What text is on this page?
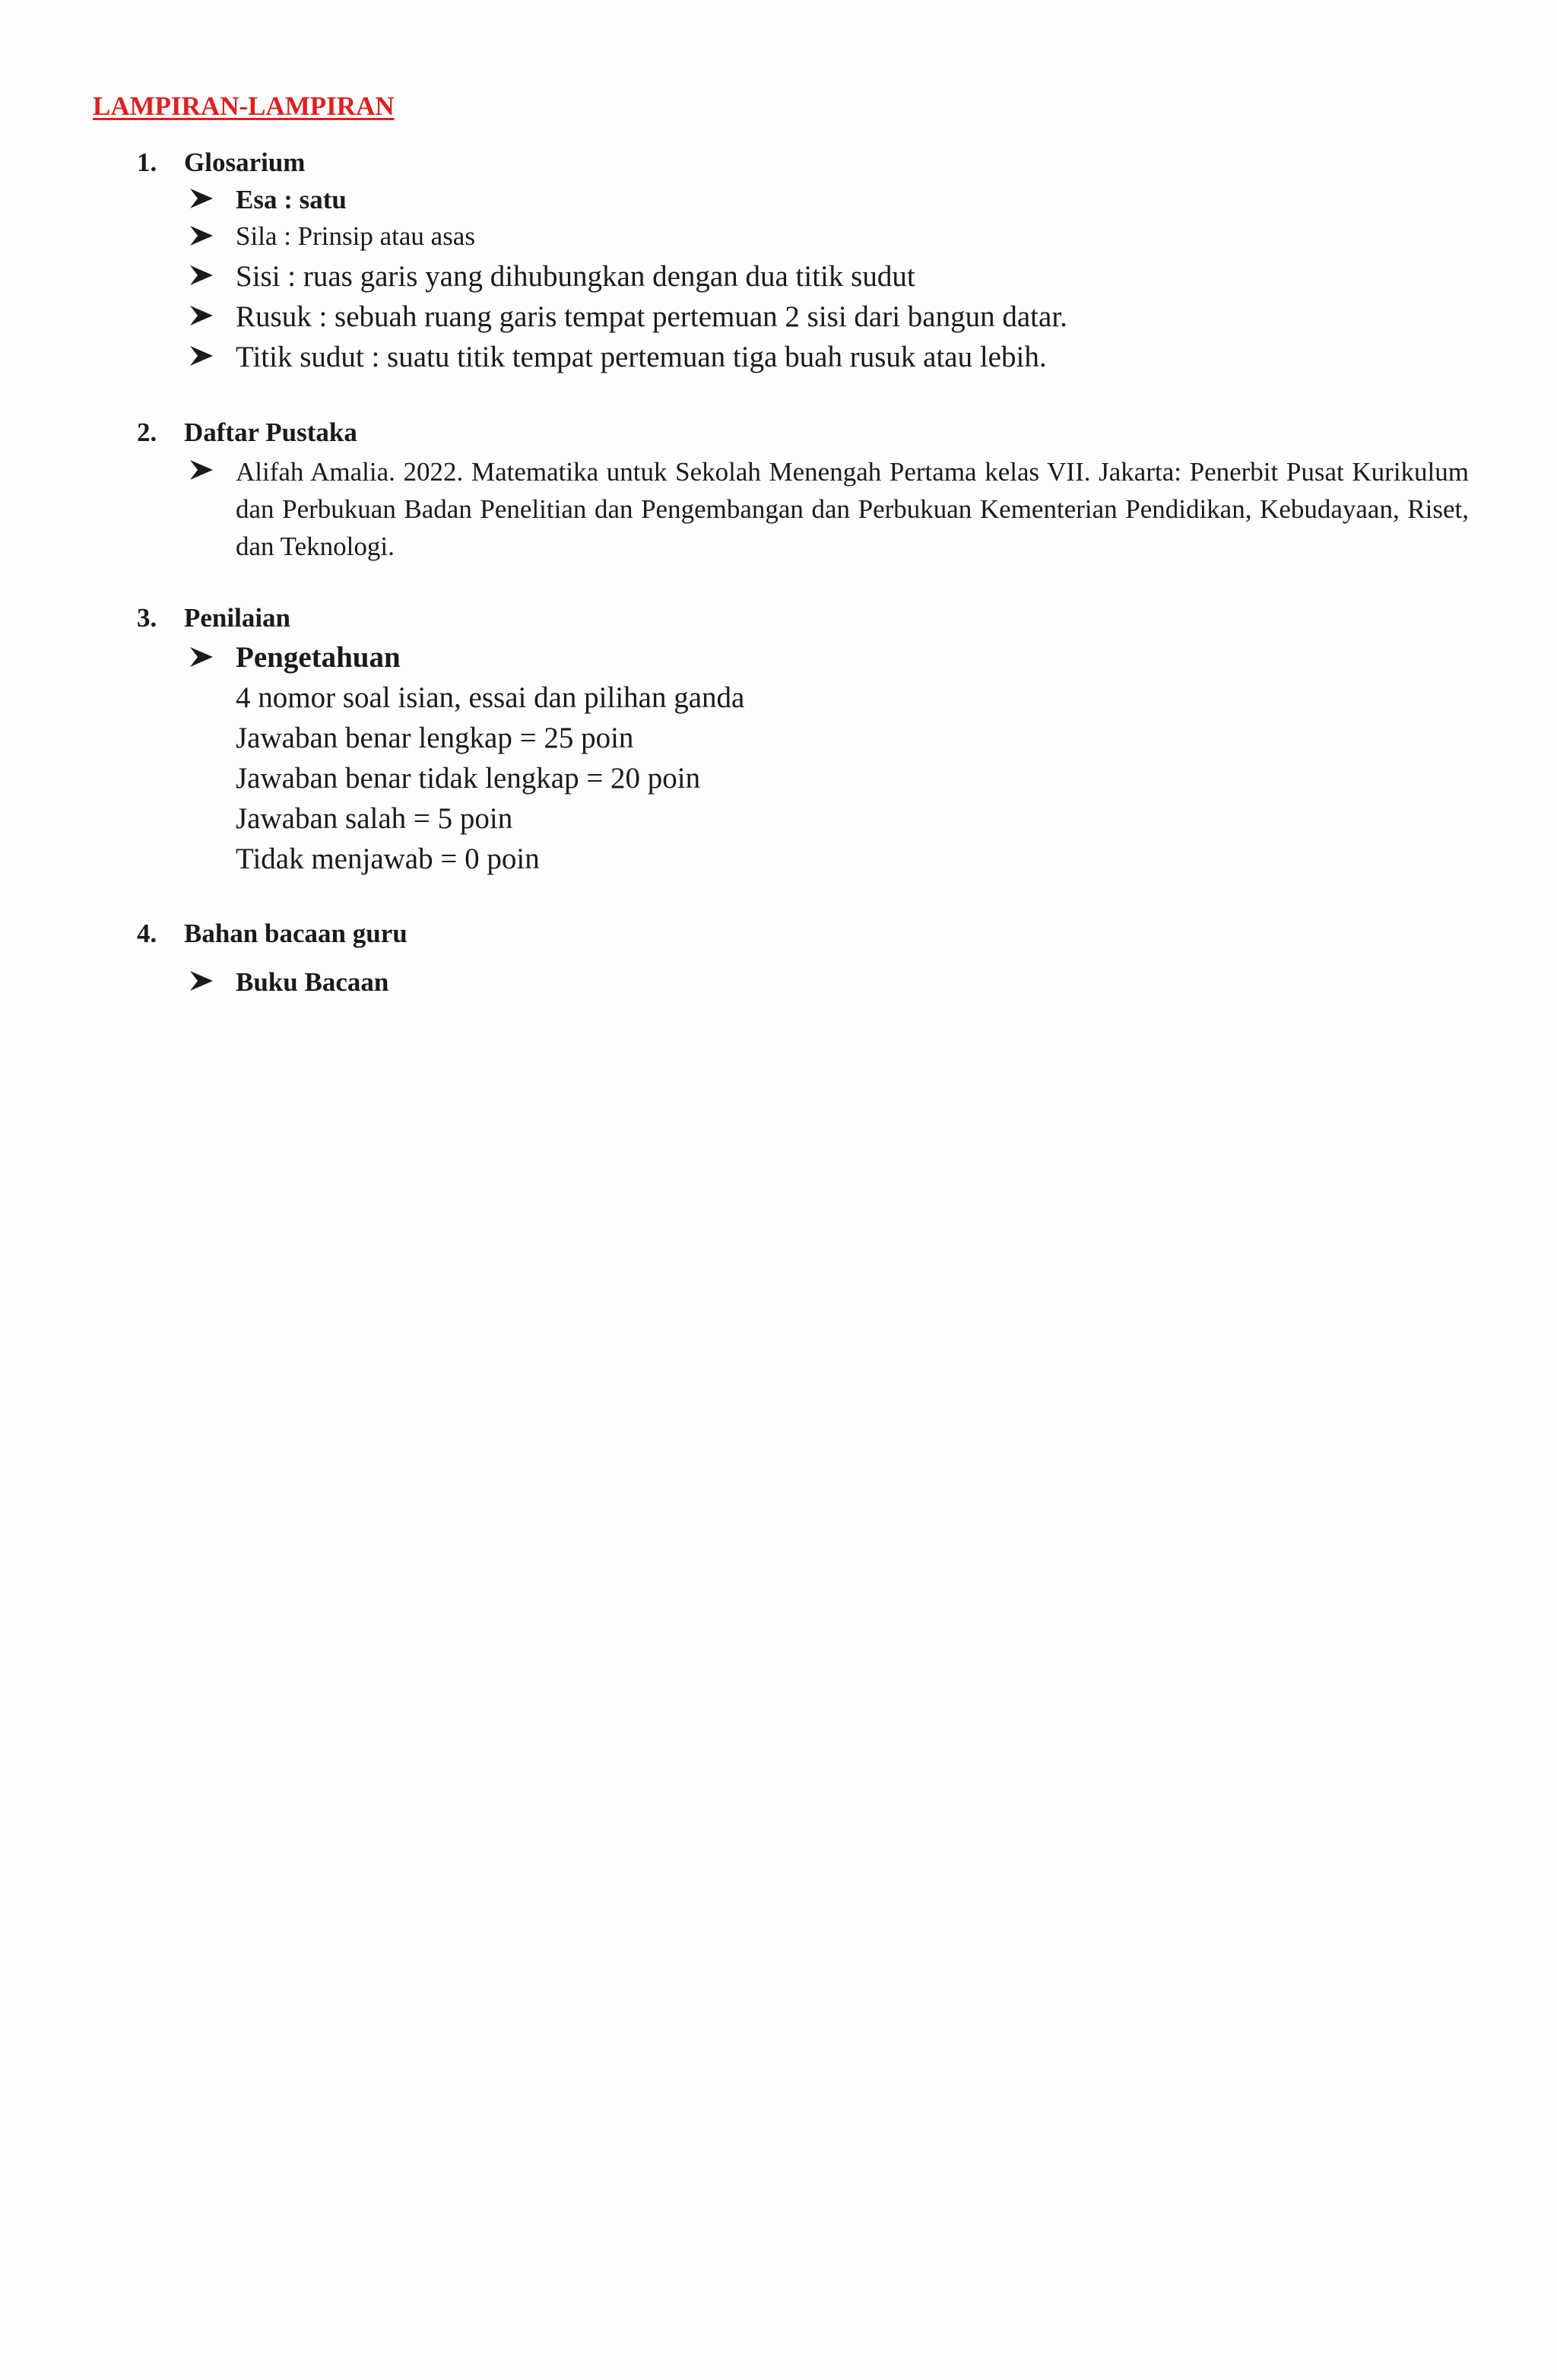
LAMPIRAN-LAMPIRAN
1. Glosarium
Esa : satu
Sila : Prinsip atau asas
Sisi : ruas garis yang dihubungkan dengan dua titik sudut
Rusuk : sebuah ruang garis tempat pertemuan 2 sisi dari bangun datar.
Titik sudut : suatu titik tempat pertemuan tiga buah rusuk atau lebih.
2. Daftar Pustaka
Alifah Amalia. 2022. Matematika untuk Sekolah Menengah Pertama kelas VII. Jakarta: Penerbit Pusat Kurikulum dan Perbukuan Badan Penelitian dan Pengembangan dan Perbukuan Kementerian Pendidikan, Kebudayaan, Riset, dan Teknologi.
3. Penilaian
Pengetahuan
4 nomor soal isian, essai dan pilihan ganda
Jawaban benar lengkap = 25 poin
Jawaban benar tidak lengkap = 20 poin
Jawaban salah = 5 poin
Tidak menjawab = 0 poin
4. Bahan bacaan guru
Buku Bacaan
